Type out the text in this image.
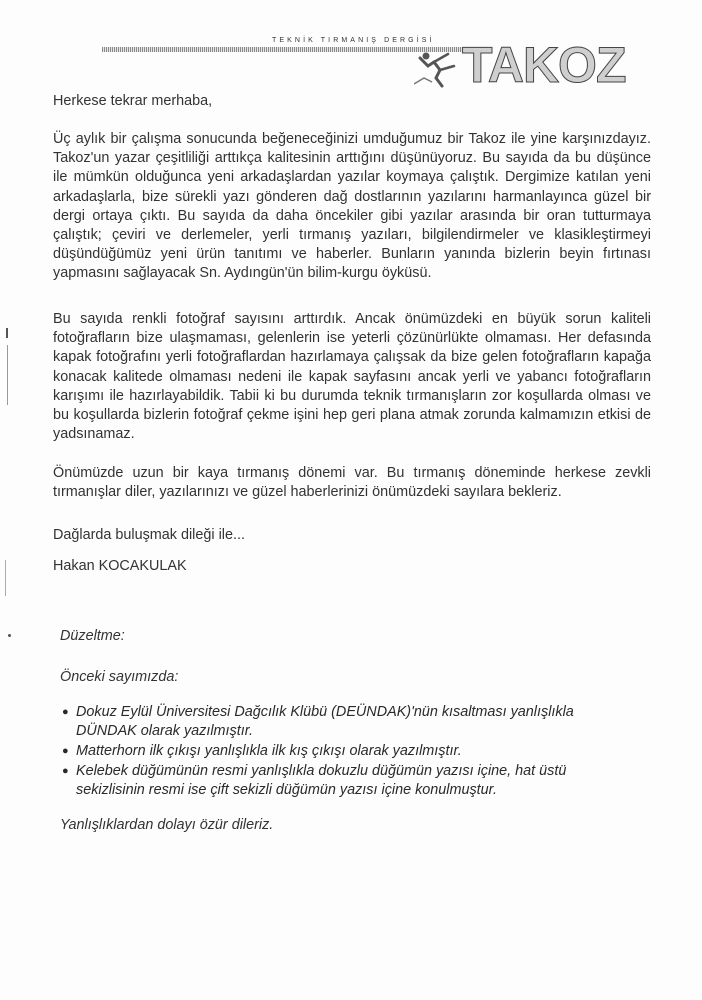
TEKNİK TIRMANIŞ DERGİSİ TAKOZ

Herkese tekrar merhaba,

Üç aylık bir çalışma sonucunda beğeneceğinizi umduğumuz bir Takoz ile yine karşınızdayız. Takoz'un yazar çeşitliliği arttıkça kalitesinin arttığını düşünüyoruz. Bu sayıda da bu düşünce ile mümkün olduğunca yeni arkadaşlardan yazılar koymaya çalıştık. Dergimize katılan yeni arkadaşlarla, bize sürekli yazı gönderen dağ dostlarının yazılarını harmanlayınca güzel bir dergi ortaya çıktı. Bu sayıda da daha öncekiler gibi yazılar arasında bir oran tutturmaya çalıştık; çeviri ve derlemeler, yerli tırmanış yazıları, bilgilendirmeler ve klasikleştirmeyi düşündüğümüz yeni ürün tanıtımı ve haberler. Bunların yanında bizlerin beyin fırtınası yapmasını sağlayacak Sn. Aydıngün'ün bilim-kurgu öyküsü.

Bu sayıda renkli fotoğraf sayısını arttırdık. Ancak önümüzdeki en büyük sorun kaliteli fotoğrafların bize ulaşmaması, gelenlerin ise yeterli çözünürlükte olmaması. Her defasında kapak fotoğrafını yerli fotoğraflardan hazırlamaya çalışsak da bize gelen fotoğrafların kapağa konacak kalitede olmaması nedeni ile kapak sayfasını ancak yerli ve yabancı fotoğrafların karışımı ile hazırlayabildik. Tabii ki bu durumda teknik tırmanışların zor koşullarda olması ve bu koşullarda bizlerin fotoğraf çekme işini hep geri plana atmak zorunda kalmamızın etkisi de yadsınamaz.

Önümüzde uzun bir kaya tırmanış dönemi var. Bu tırmanış döneminde herkese zevkli tırmanışlar diler, yazılarınızı ve güzel haberlerinizi önümüzdeki sayılara bekleriz.

Dağlarda buluşmak dileği ile...

Hakan KOCAKULAK

Düzeltme:

Önceki sayımızda:

● Dokuz Eylül Üniversitesi Dağcılık Klübü (DEÜNDAK)'nün kısaltması yanlışlıkla DÜNDAK olarak yazılmıştır.
● Matterhorn ilk çıkışı yanlışlıkla ilk kış çıkışı olarak yazılmıştır.
● Kelebek düğümünün resmi yanlışlıkla dokuzlu düğümün yazısı içine, hat üstü sekizlisinin resmi ise çift sekizli düğümün yazısı içine konulmuştur.

Yanlışlıklardan dolayı özür dileriz.
